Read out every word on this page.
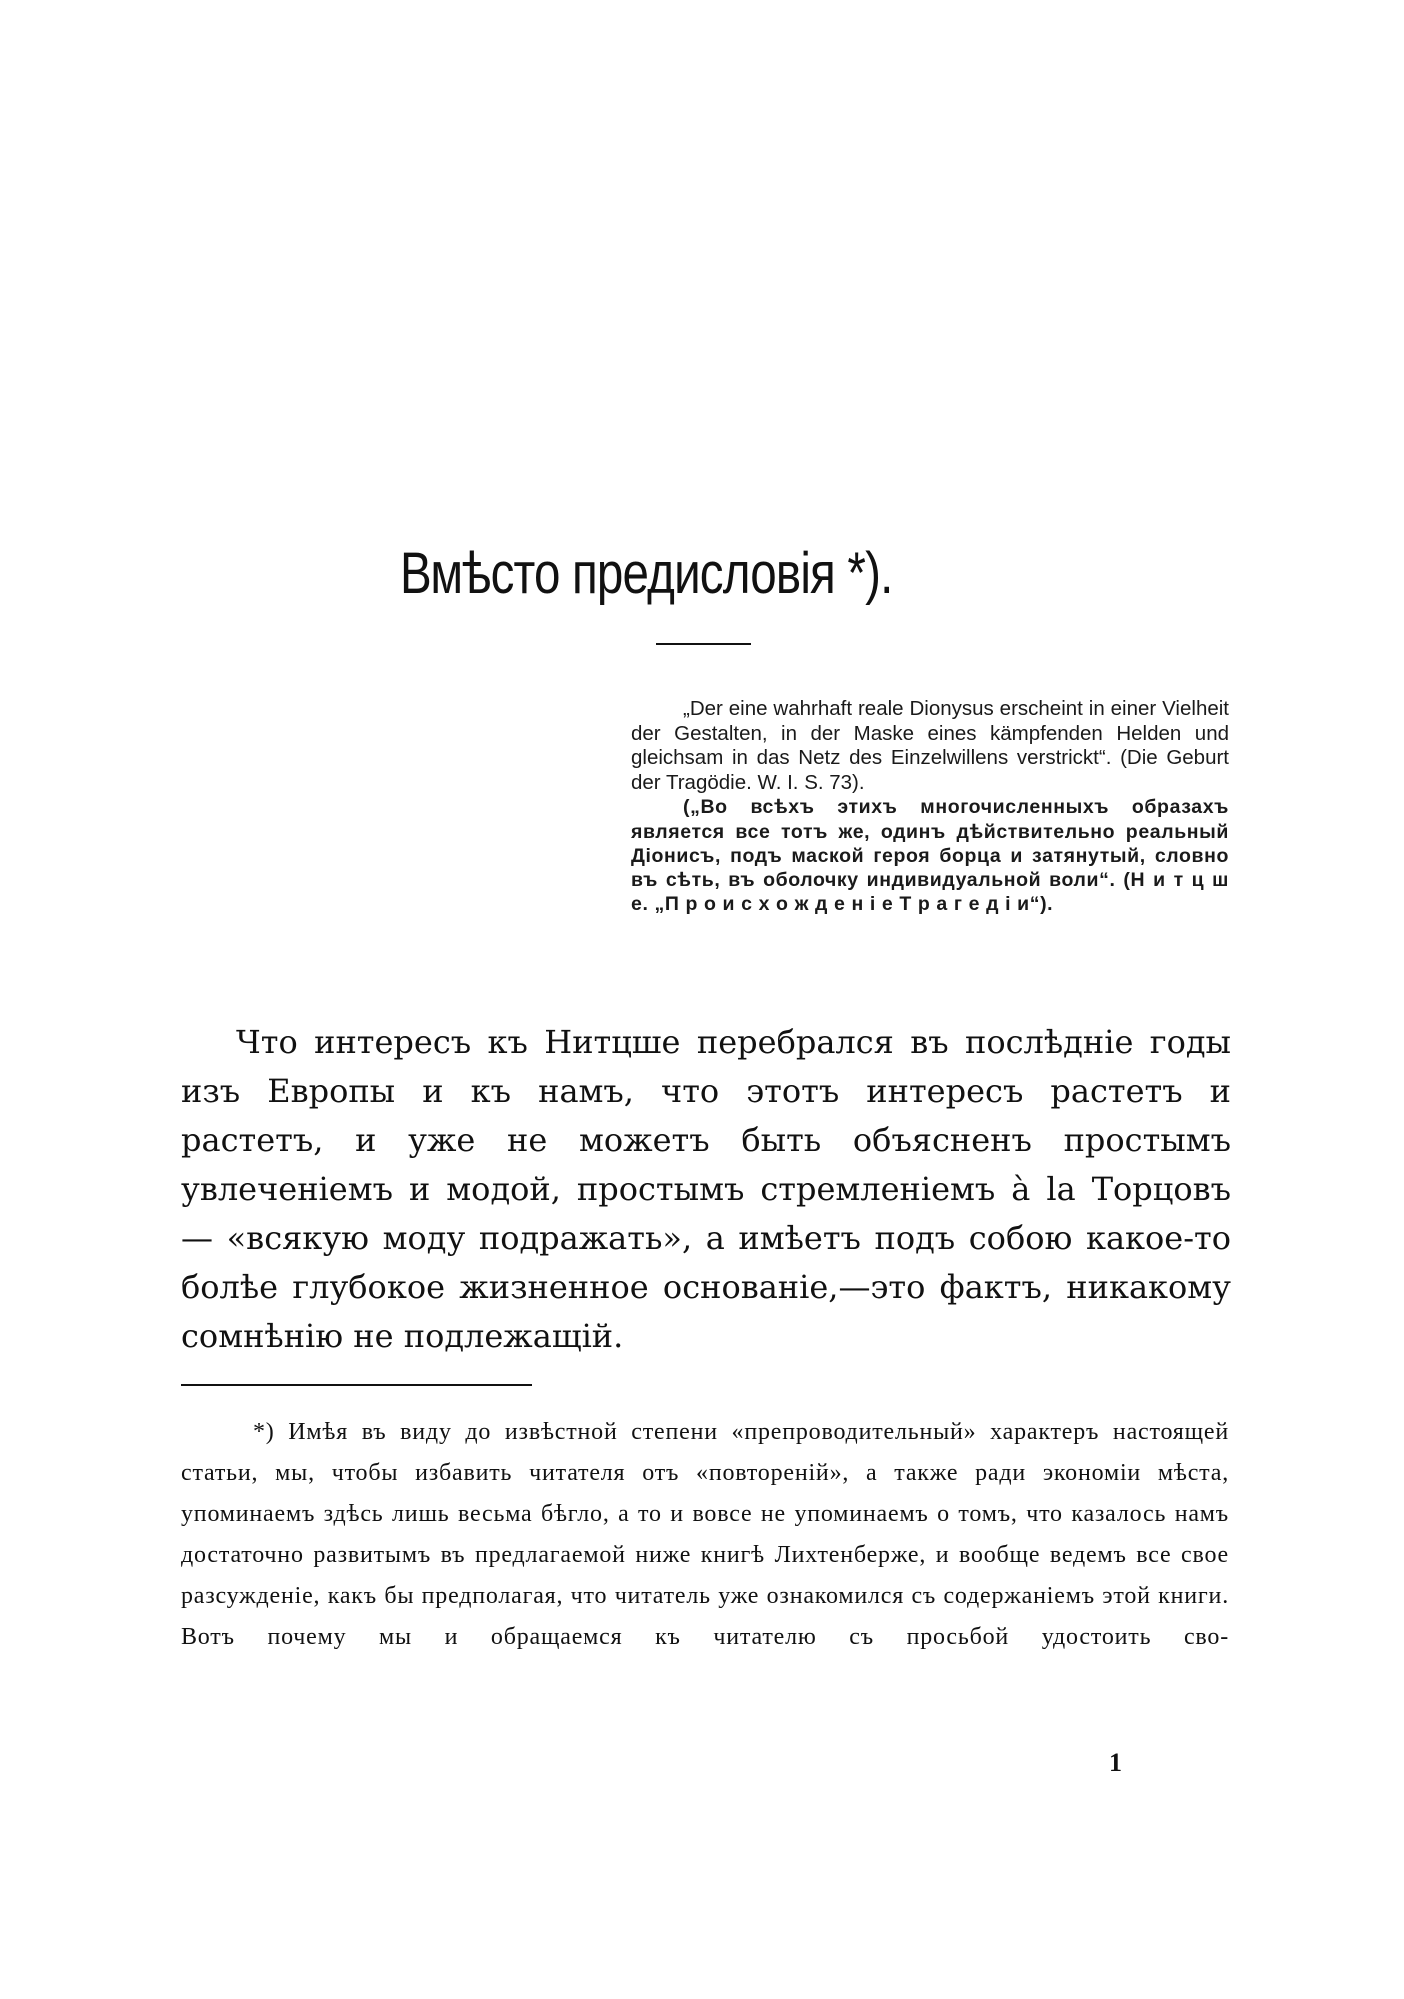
Вмѣсто предисловія *).

„Der eine wahrhaft reale Dionysus erscheint in einer Vielheit der Gestalten, in der Maske eines kämpfenden Helden und gleichsam in das Netz des Einzelwillens verstrickt“. (Die Geburt der Tragödie. W. I. S. 73).

(„Во всѣхъ этихъ многочисленныхъ образахъ является все тотъ же, одинъ дѣйствительно реальный Діонисъ, подъ маской героя борца и затянутый, словно въ сѣть, въ оболочку индивидуальной воли“. (Н и т ц ш е. „П р о и с х о ж д е н і е Т р а г е д і и“).

Что интересъ къ Нитцше перебрался въ послѣдніе годы изъ Европы и къ намъ, что этотъ интересъ растетъ и растетъ, и уже не можетъ быть объясненъ простымъ увлеченіемъ и модой, простымъ стремленіемъ à la Торцовъ — «всякую моду подражать», а имѣетъ подъ собою какое-то болѣе глубокое жизненное основаніе,—это фактъ, никакому сомнѣнію не подлежащій.

*) Имѣя въ виду до извѣстной степени «препроводительный» характеръ настоящей статьи, мы, чтобы избавить читателя отъ «повтореній», а также ради экономіи мѣста, упоминаемъ здѣсь лишь весьма бѣгло, а то и вовсе не упоминаемъ о томъ, что казалось намъ достаточно развитымъ въ предлагаемой ниже книгѣ Лихтенберже, и вообще ведемъ все свое разсужденіе, какъ бы предполагая, что читатель уже ознакомился съ содержаніемъ этой книги. Вотъ почему мы и обращаемся къ читателю съ просьбой удостоить сво-

1
